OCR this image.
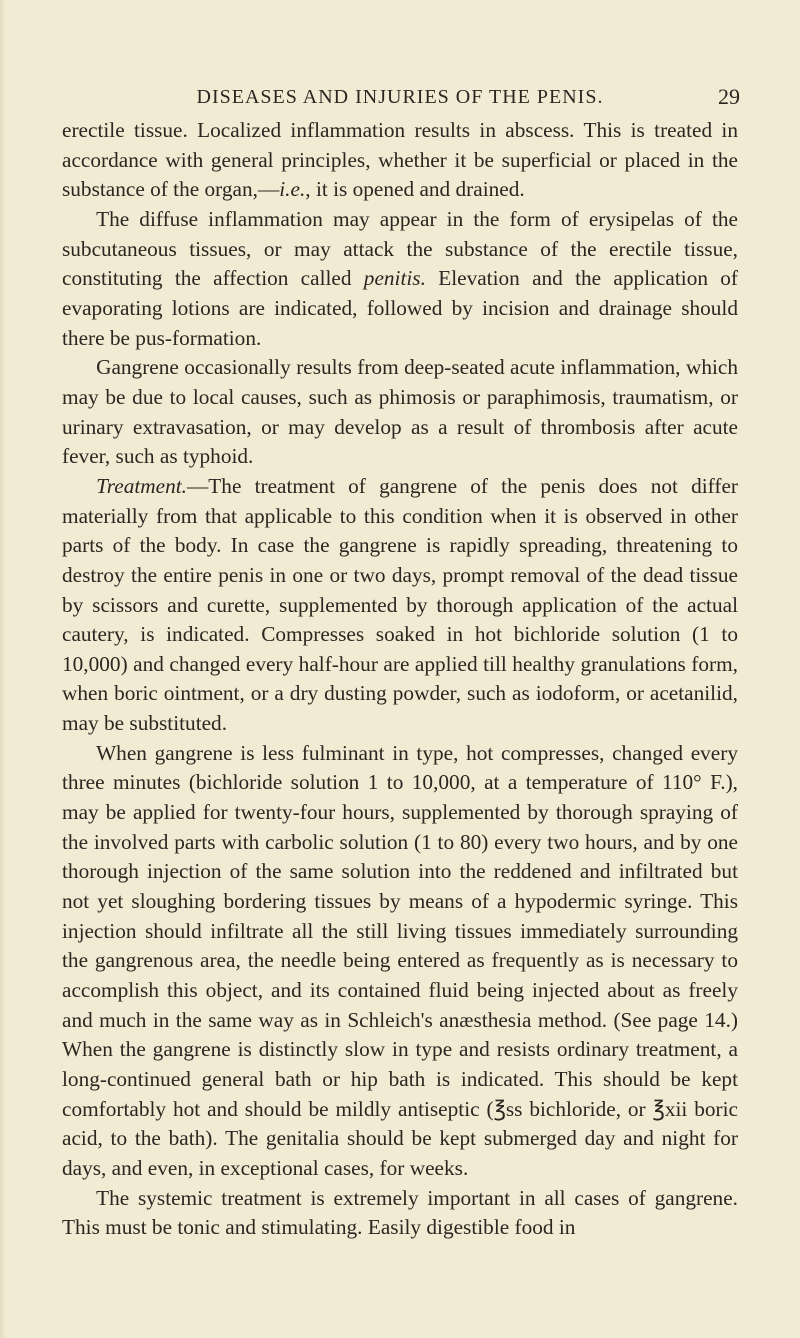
DISEASES AND INJURIES OF THE PENIS.	29

erectile tissue. Localized inflammation results in abscess. This is treated in accordance with general principles, whether it be superficial or placed in the substance of the organ,—i.e., it is opened and drained.

The diffuse inflammation may appear in the form of erysipelas of the subcutaneous tissues, or may attack the substance of the erectile tissue, constituting the affection called penitis. Elevation and the application of evaporating lotions are indicated, followed by incision and drainage should there be pus-formation.

Gangrene occasionally results from deep-seated acute inflammation, which may be due to local causes, such as phimosis or paraphimosis, traumatism, or urinary extravasation, or may develop as a result of thrombosis after acute fever, such as typhoid.

Treatment.—The treatment of gangrene of the penis does not differ materially from that applicable to this condition when it is observed in other parts of the body. In case the gangrene is rapidly spreading, threatening to destroy the entire penis in one or two days, prompt removal of the dead tissue by scissors and curette, supplemented by thorough application of the actual cautery, is indicated. Compresses soaked in hot bichloride solution (1 to 10,000) and changed every half-hour are applied till healthy granulations form, when boric ointment, or a dry dusting powder, such as iodoform, or acetanilid, may be substituted.

When gangrene is less fulminant in type, hot compresses, changed every three minutes (bichloride solution 1 to 10,000, at a temperature of 110° F.), may be applied for twenty-four hours, supplemented by thorough spraying of the involved parts with carbolic solution (1 to 80) every two hours, and by one thorough injection of the same solution into the reddened and infiltrated but not yet sloughing bordering tissues by means of a hypodermic syringe. This injection should infiltrate all the still living tissues immediately surrounding the gangrenous area, the needle being entered as frequently as is necessary to accomplish this object, and its contained fluid being injected about as freely and much in the same way as in Schleich's anæsthesia method. (See page 14.) When the gangrene is distinctly slow in type and resists ordinary treatment, a long-continued general bath or hip bath is indicated. This should be kept comfortably hot and should be mildly antiseptic (℥ss bichloride, or ℥xii boric acid, to the bath). The genitalia should be kept submerged day and night for days, and even, in exceptional cases, for weeks.

The systemic treatment is extremely important in all cases of gangrene. This must be tonic and stimulating. Easily digestible food in
